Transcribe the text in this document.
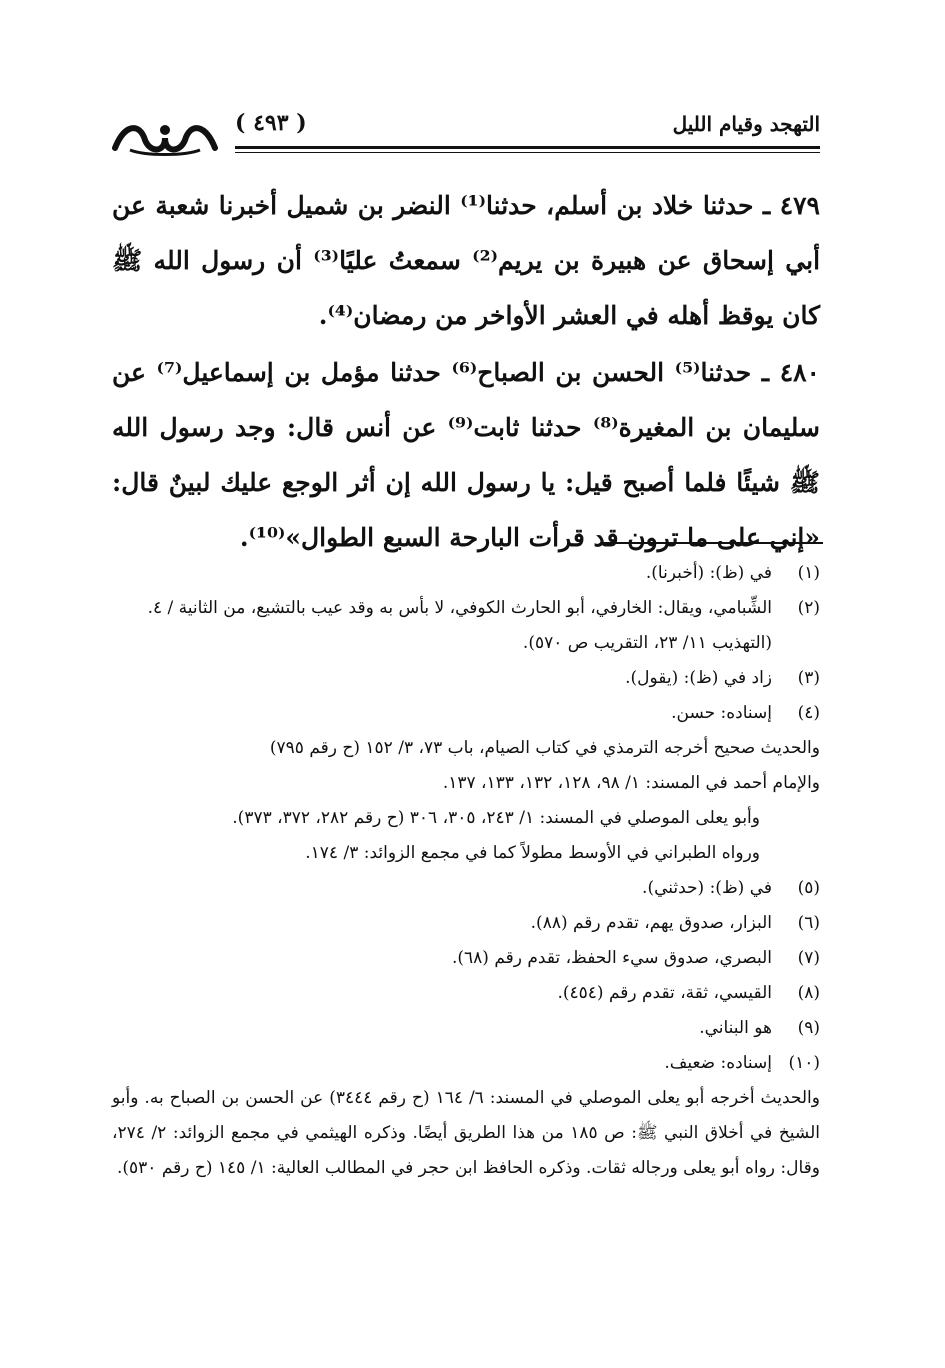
التهجد وقيام الليل
( ٤٩٣ )

٤٧٩ ـ حدثنا خلاد بن أسلم، حدثنا⁽¹⁾ النضر بن شميل أخبرنا شعبة عن أبي إسحاق عن هبيرة بن يريم⁽²⁾ سمعتُ عليًا⁽³⁾ أن رسول الله ﷺ كان يوقظ أهله في العشر الأواخر من رمضان⁽⁴⁾.

٤٨٠ ـ حدثنا⁽⁵⁾ الحسن بن الصباح⁽⁶⁾ حدثنا مؤمل بن إسماعيل⁽⁷⁾ عن سليمان بن المغيرة⁽⁸⁾ حدثنا ثابت⁽⁹⁾ عن أنس قال: وجد رسول الله ﷺ شيئًا فلما أصبح قيل: يا رسول الله إن أثر الوجع عليك لبينٌ قال: «إني على ما ترون قد قرأت البارحة السبع الطوال»⁽¹⁰⁾.

(١)
في (ظ): (أخبرنا).
(٢)
الشِّبامي، ويقال: الخارفي، أبو الحارث الكوفي، لا بأس به وقد عيب بالتشيع، من الثانية / ٤.

(التهذيب ١١/ ٢٣، التقريب ص ٥٧٠).

(٣)
زاد في (ظ): (يقول).
(٤)
إسناده: حسن.

والحديث صحيح أخرجه الترمذي في كتاب الصيام، باب ٧٣، ٣/ ١٥٢ (ح رقم ٧٩٥)

والإمام أحمد في المسند: ١/ ٩٨، ١٢٨، ١٣٢، ١٣٣، ١٣٧.

وأبو يعلى الموصلي في المسند: ١/ ٢٤٣، ٣٠٥، ٣٠٦ (ح رقم ٢٨٢، ٣٧٢، ٣٧٣).

ورواه الطبراني في الأوسط مطولاً كما في مجمع الزوائد: ٣/ ١٧٤.

(٥)
في (ظ): (حدثني).
(٦)
البزار، صدوق يهم، تقدم رقم (٨٨).
(٧)
البصري، صدوق سيء الحفظ، تقدم رقم (٦٨).
(٨)
القيسي، ثقة، تقدم رقم (٤٥٤).
(٩)
هو البناني.
(١٠)
إسناده: ضعيف.

والحديث أخرجه أبو يعلى الموصلي في المسند: ٦/ ١٦٤ (ح رقم ٣٤٤٤) عن الحسن بن الصباح به. وأبو الشيخ في أخلاق النبي ﷺ: ص ١٨٥ من هذا الطريق أيضًا. وذكره الهيثمي في مجمع الزوائد: ٢/ ٢٧٤، وقال: رواه أبو يعلى ورجاله ثقات. وذكره الحافظ ابن حجر في المطالب العالية: ١/ ١٤٥ (ح رقم ٥٣٠).
